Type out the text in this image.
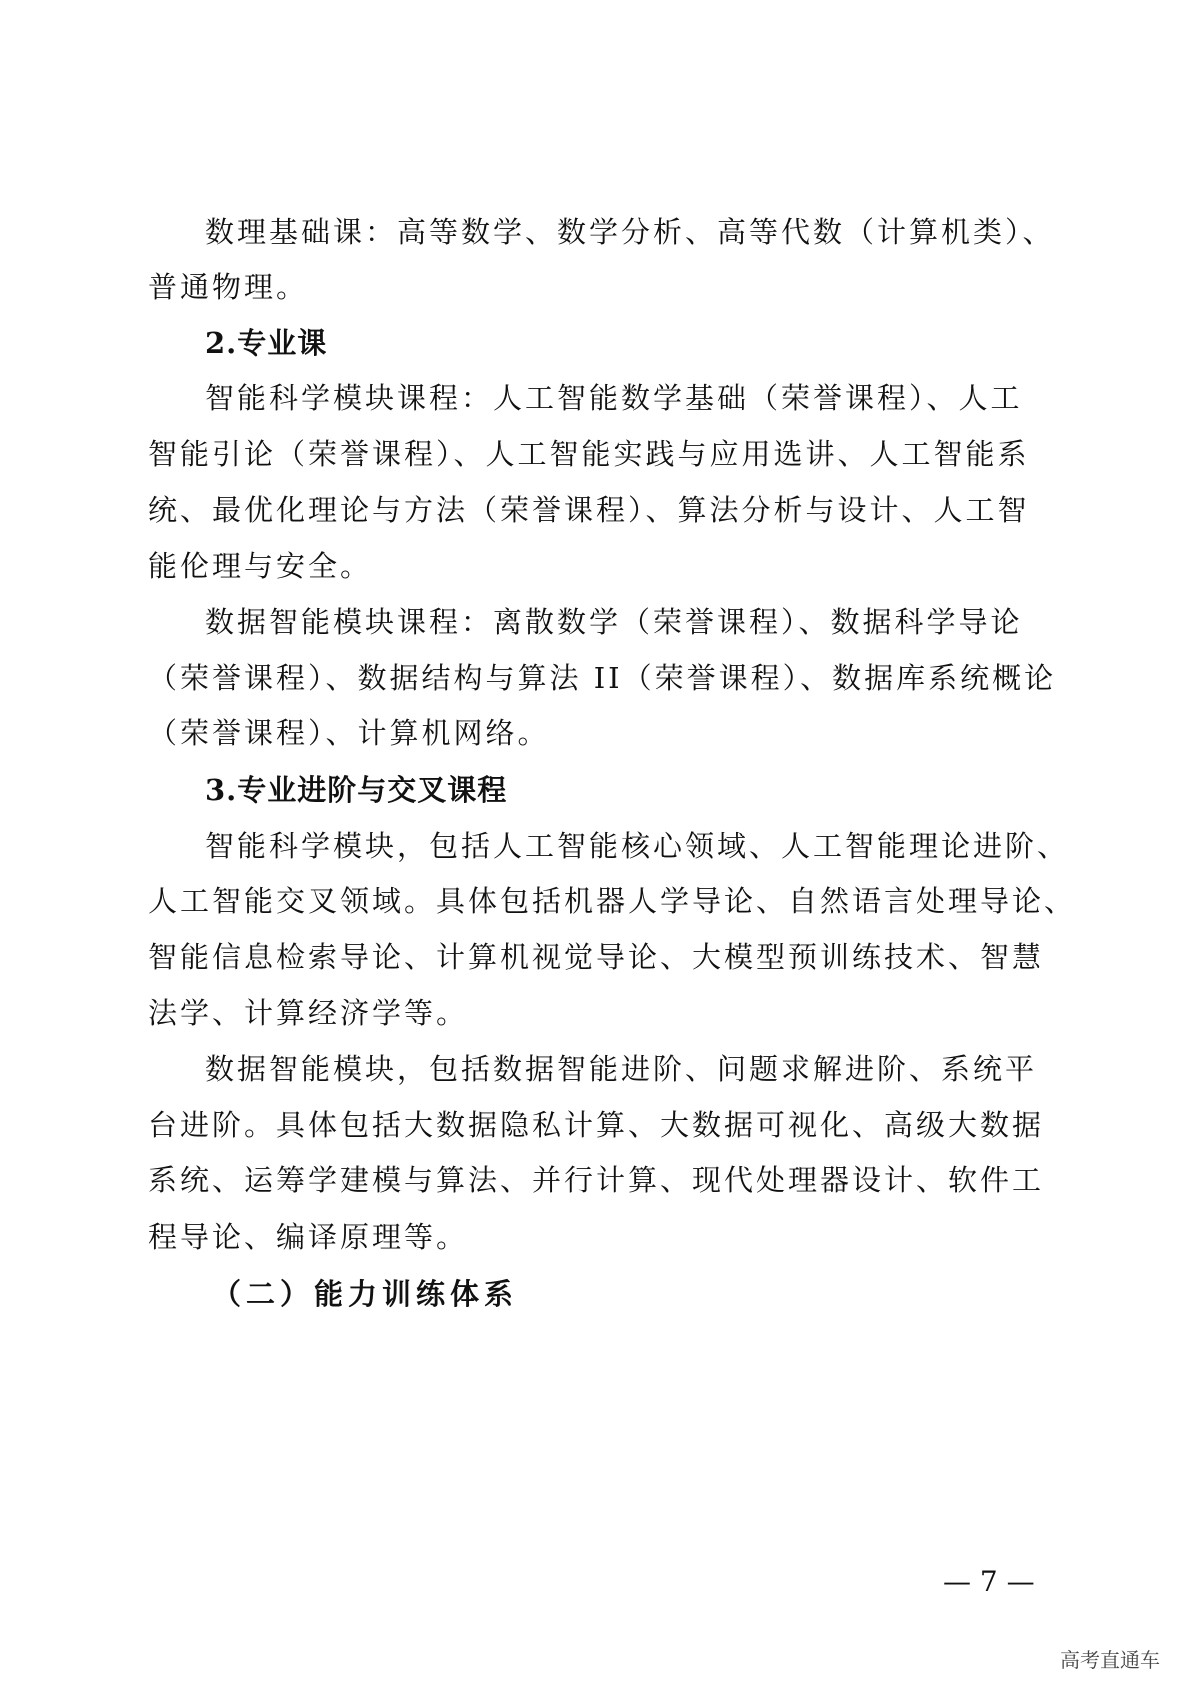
数理基础课：高等数学、数学分析、高等代数（计算机类）、
普通物理。
2.专业课
智能科学模块课程：人工智能数学基础（荣誉课程）、人工
智能引论（荣誉课程）、人工智能实践与应用选讲、人工智能系
统、最优化理论与方法（荣誉课程）、算法分析与设计、人工智
能伦理与安全。
数据智能模块课程：离散数学（荣誉课程）、数据科学导论
（荣誉课程）、数据结构与算法 II（荣誉课程）、数据库系统概论
（荣誉课程）、计算机网络。
3.专业进阶与交叉课程
智能科学模块，包括人工智能核心领域、人工智能理论进阶、
人工智能交叉领域。具体包括机器人学导论、自然语言处理导论、
智能信息检索导论、计算机视觉导论、大模型预训练技术、智慧
法学、计算经济学等。
数据智能模块，包括数据智能进阶、问题求解进阶、系统平
台进阶。具体包括大数据隐私计算、大数据可视化、高级大数据
系统、运筹学建模与算法、并行计算、现代处理器设计、软件工
程导论、编译原理等。
（二）能力训练体系
— 7 —
高考直通车
